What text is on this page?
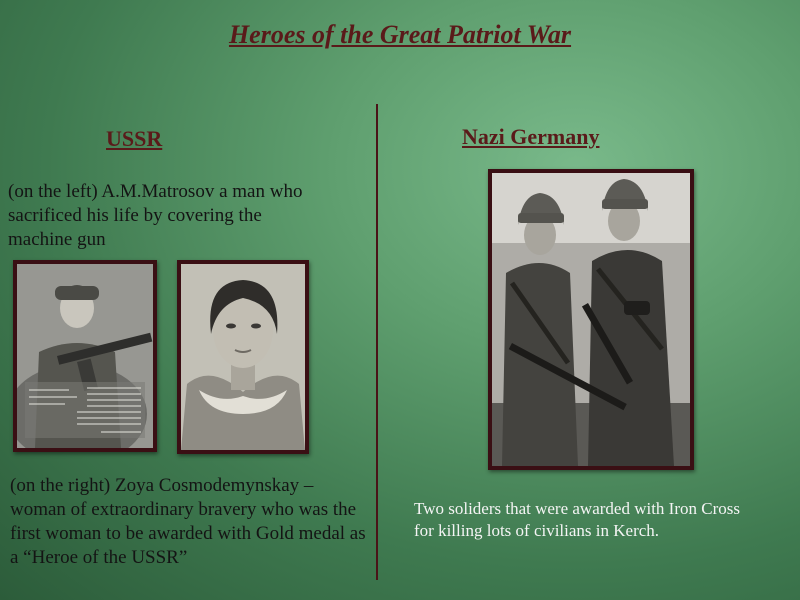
Heroes of the Great Patriot War
USSR	Nazi Germany
(on the left) A.M.Matrosov a man who sacrificed his life by covering the machine gun
(on the right) Zoya Cosmodemynskay – woman of extraordinary bravery who was the first woman to be awarded with Gold medal as a “Heroe of the USSR”
Two soliders that were awarded with Iron Cross for killing lots of civilians in Kerch.
